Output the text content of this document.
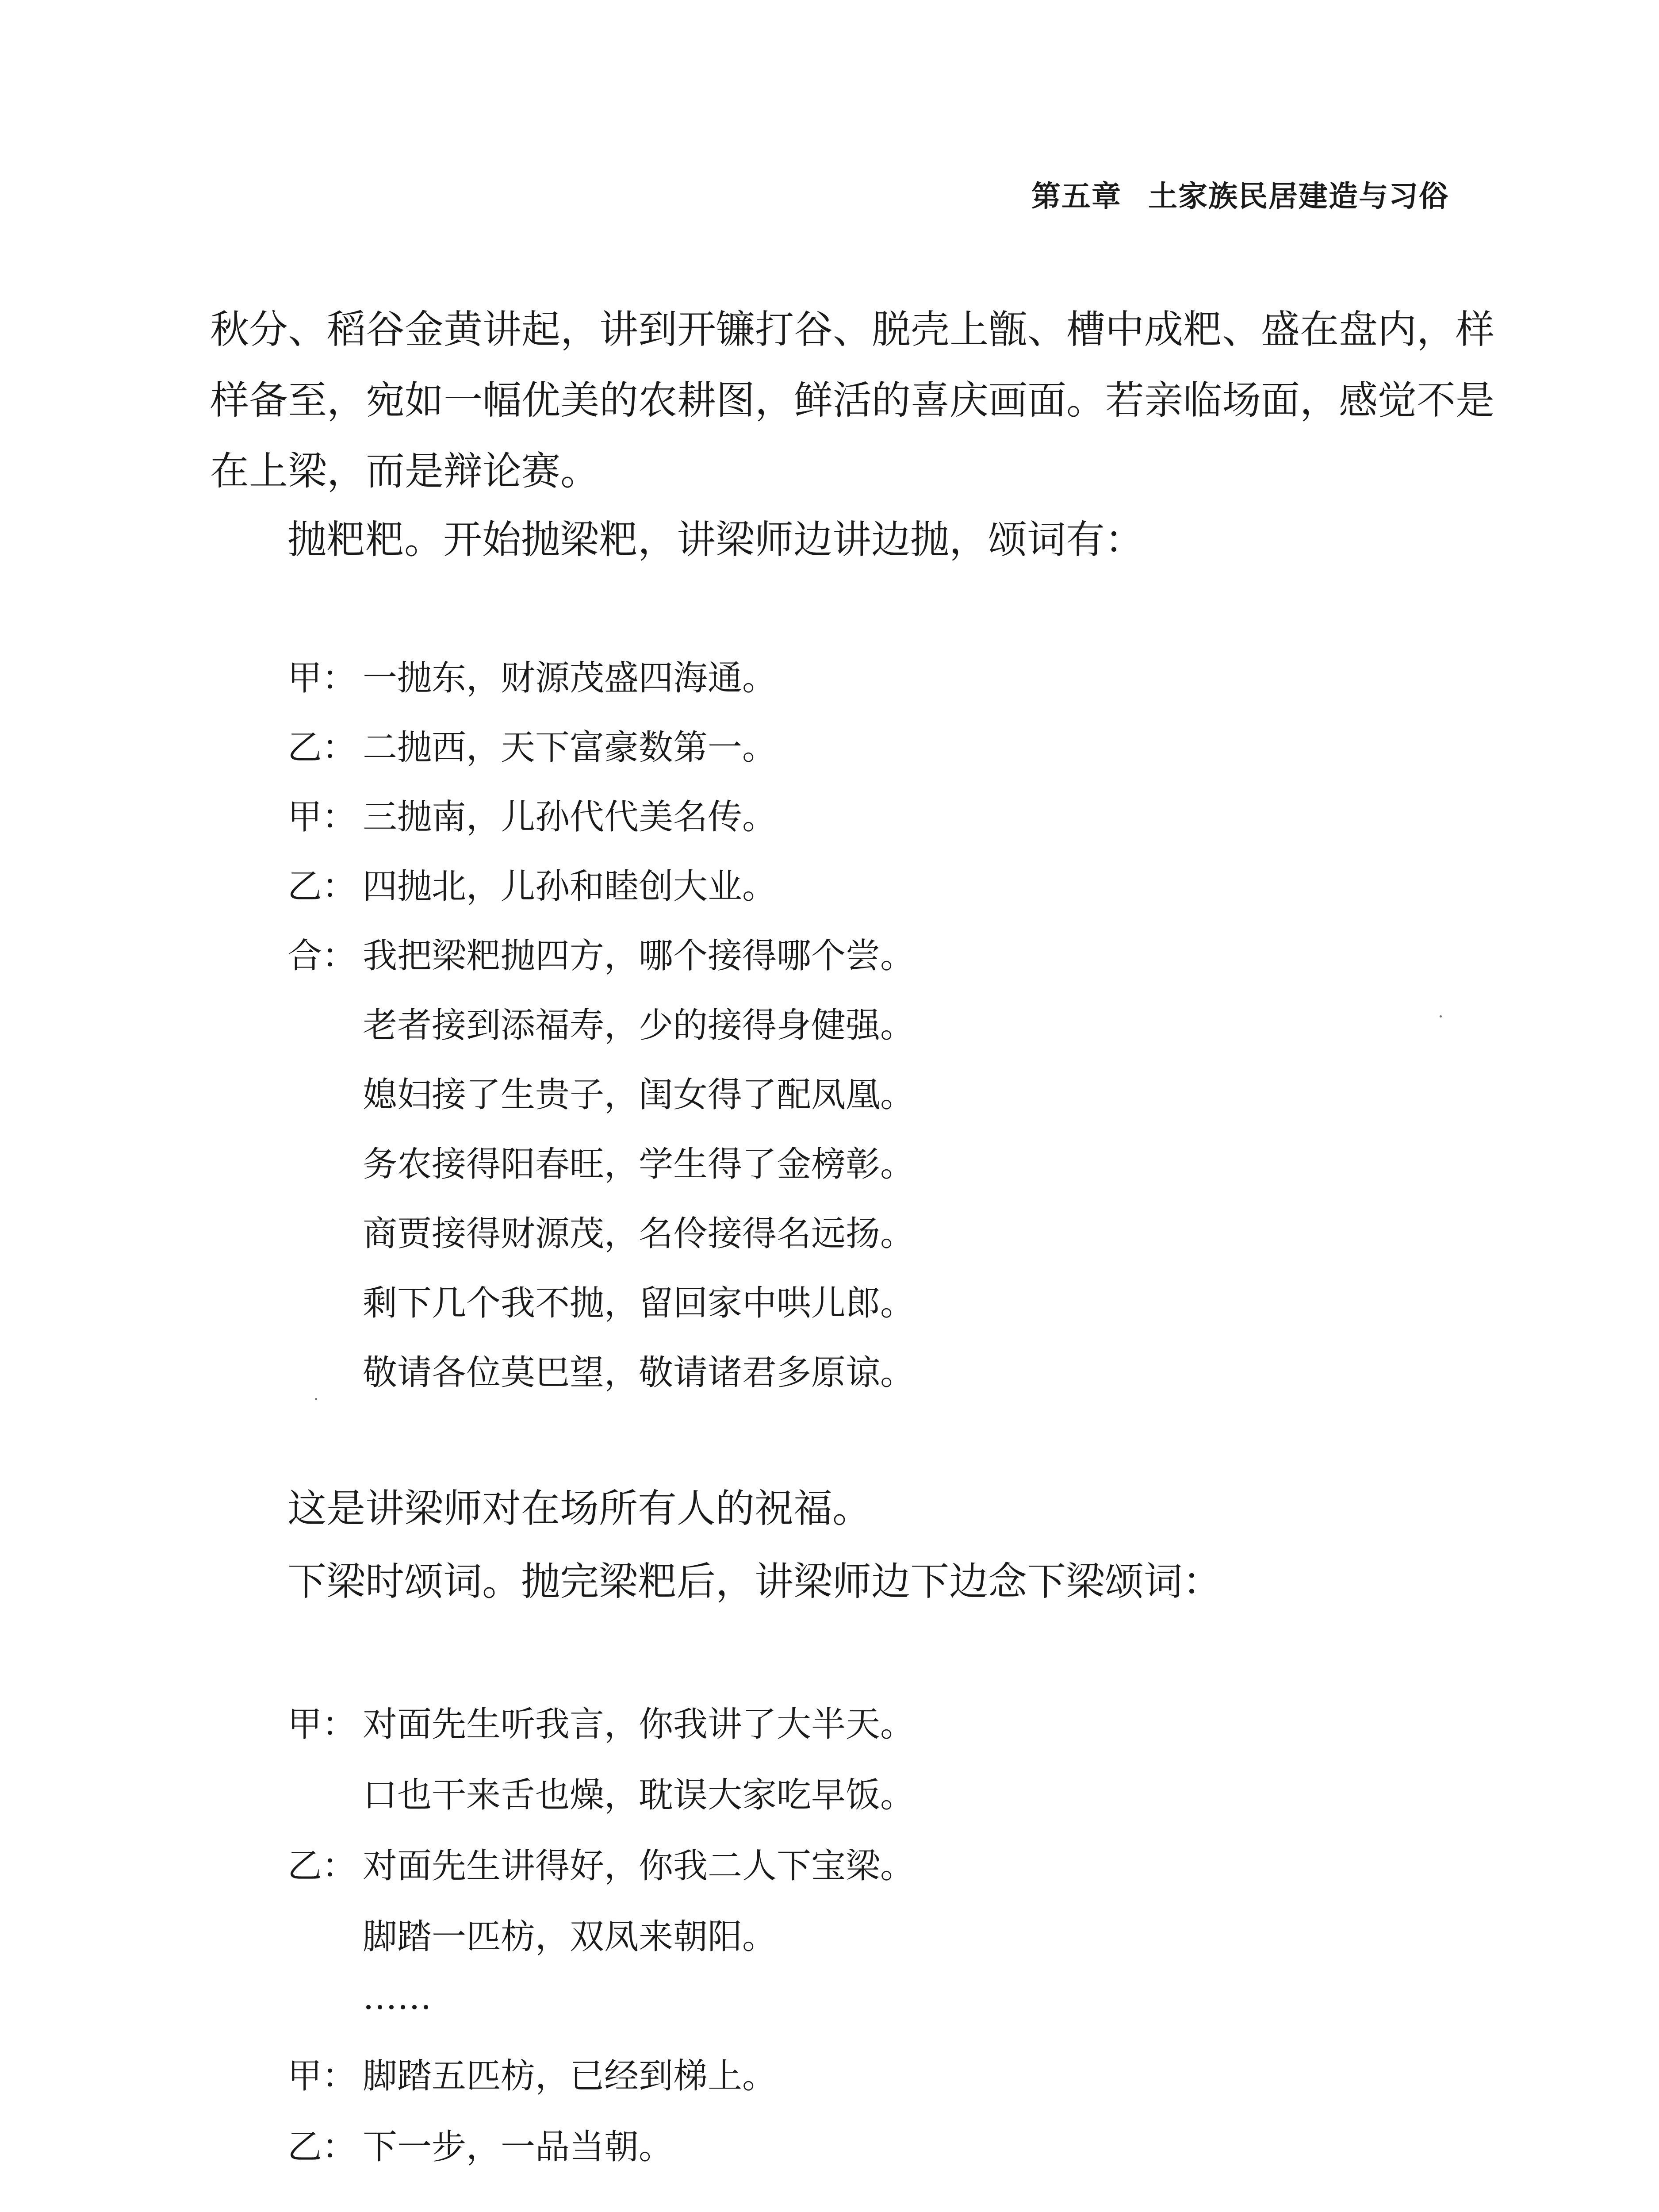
第五章 土家族民居建造与习俗
秋分、稻谷金黄讲起，讲到开镰打谷、脱壳上甑、槽中成粑、盛在盘内，样
样备至，宛如一幅优美的农耕图，鲜活的喜庆画面。若亲临场面，感觉不是
在上梁，而是辩论赛。
抛粑粑。开始抛梁粑，讲梁师边讲边抛，颂词有：
甲： 一抛东，财源茂盛四海通。
乙： 二抛西，天下富豪数第一。
甲： 三抛南，儿孙代代美名传。
乙： 四抛北，儿孙和睦创大业。
合： 我把梁粑抛四方，哪个接得哪个尝。
老者接到添福寿，少的接得身健强。
媳妇接了生贵子，闺女得了配凤凰。
务农接得阳春旺，学生得了金榜彰。
商贾接得财源茂，名伶接得名远扬。
剩下几个我不抛，留回家中哄儿郎。
敬请各位莫巴望，敬请诸君多原谅。
这是讲梁师对在场所有人的祝福。
下梁时颂词。抛完梁粑后，讲梁师边下边念下梁颂词：
甲： 对面先生听我言，你我讲了大半天。
口也干来舌也燥，耽误大家吃早饭。
乙： 对面先生讲得好，你我二人下宝梁。
脚踏一匹枋，双凤来朝阳。
……
甲： 脚踏五匹枋，已经到梯上。
乙： 下一步，一品当朝。
